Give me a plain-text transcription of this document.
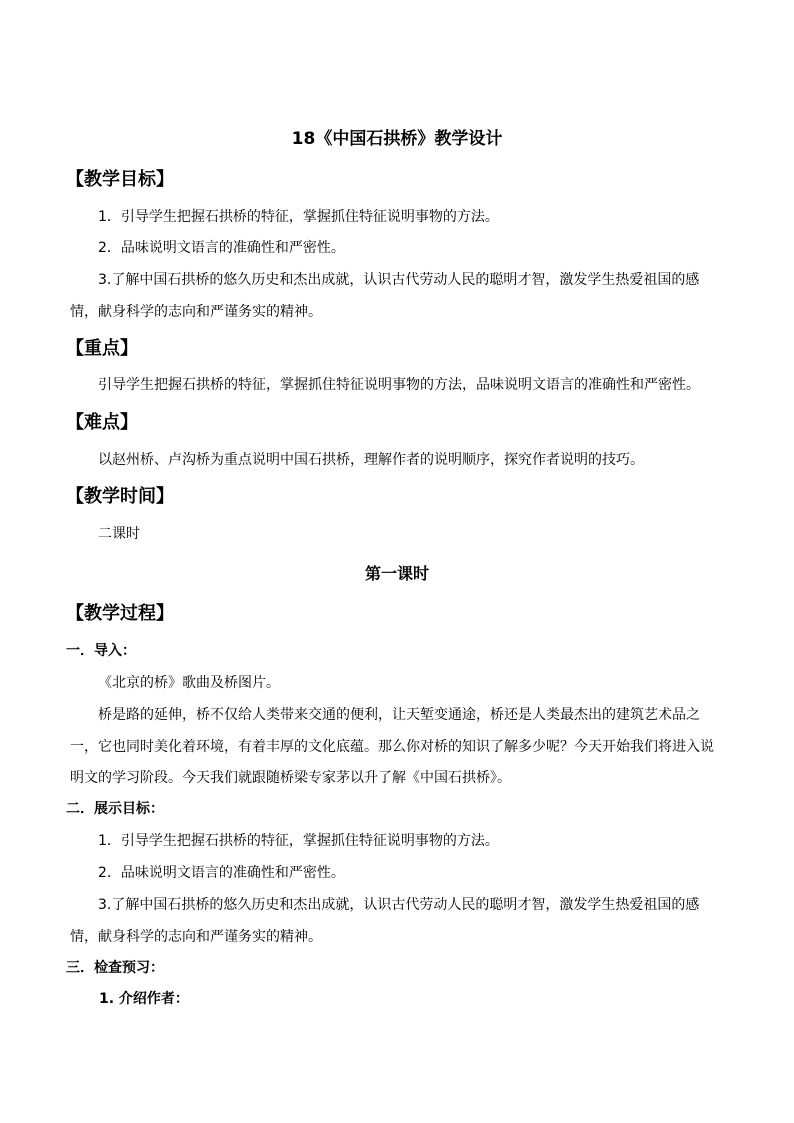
18《中国石拱桥》教学设计
【教学目标】
1．引导学生把握石拱桥的特征，掌握抓住特征说明事物的方法。
2．品味说明文语言的准确性和严密性。
3.了解中国石拱桥的悠久历史和杰出成就，认识古代劳动人民的聪明才智，激发学生热爱祖国的感情，献身科学的志向和严谨务实的精神。
【重点】
引导学生把握石拱桥的特征，掌握抓住特征说明事物的方法，品味说明文语言的准确性和严密性。
【难点】
以赵州桥、卢沟桥为重点说明中国石拱桥，理解作者的说明顺序，探究作者说明的技巧。
【教学时间】
二课时
第一课时
【教学过程】
一．导入：
《北京的桥》歌曲及桥图片。
桥是路的延伸，桥不仅给人类带来交通的便利，让天堑变通途，桥还是人类最杰出的建筑艺术品之一，它也同时美化着环境，有着丰厚的文化底蕴。那么你对桥的知识了解多少呢？今天开始我们将进入说明文的学习阶段。今天我们就跟随桥梁专家茅以升了解《中国石拱桥》。
二．展示目标：
1．引导学生把握石拱桥的特征，掌握抓住特征说明事物的方法。
2．品味说明文语言的准确性和严密性。
3.了解中国石拱桥的悠久历史和杰出成就，认识古代劳动人民的聪明才智，激发学生热爱祖国的感情，献身科学的志向和严谨务实的精神。
三．检查预习：
1. 介绍作者：
